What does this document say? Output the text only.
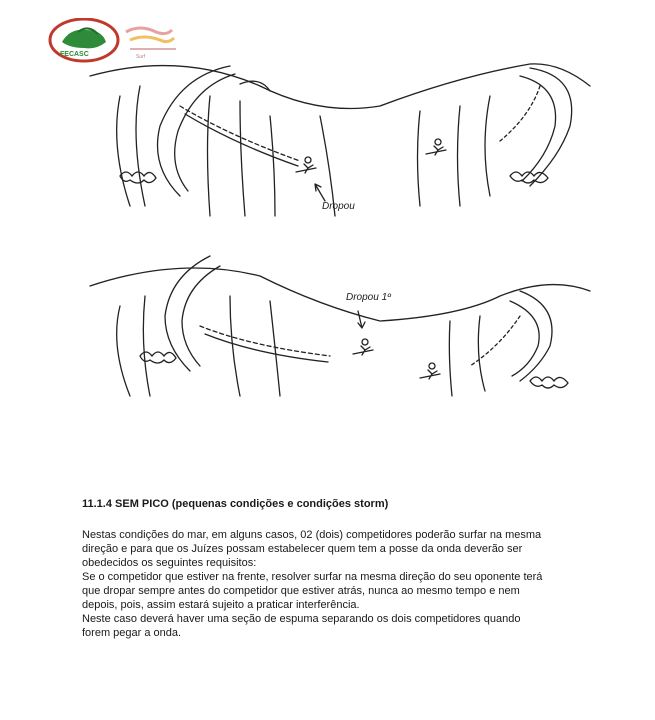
FECASC	Surf
Dropou
Dropou 1º
11.1.4 SEM PICO (pequenas condições e condições storm)

Nestas condições do mar, em alguns casos, 02 (dois) competidores poderão surfar na mesma

direção e para que os Juízes possam estabelecer quem tem a posse da onda deverão ser

obedecidos os seguintes requisitos:

Se o competidor que estiver na frente, resolver surfar na mesma direção do seu oponente terá

que dropar sempre antes do competidor que estiver atrás, nunca ao mesmo tempo e nem

depois, pois, assim estará sujeito a praticar interferência.

Neste caso deverá haver uma seção de espuma separando os dois competidores quando

forem pegar a onda.
